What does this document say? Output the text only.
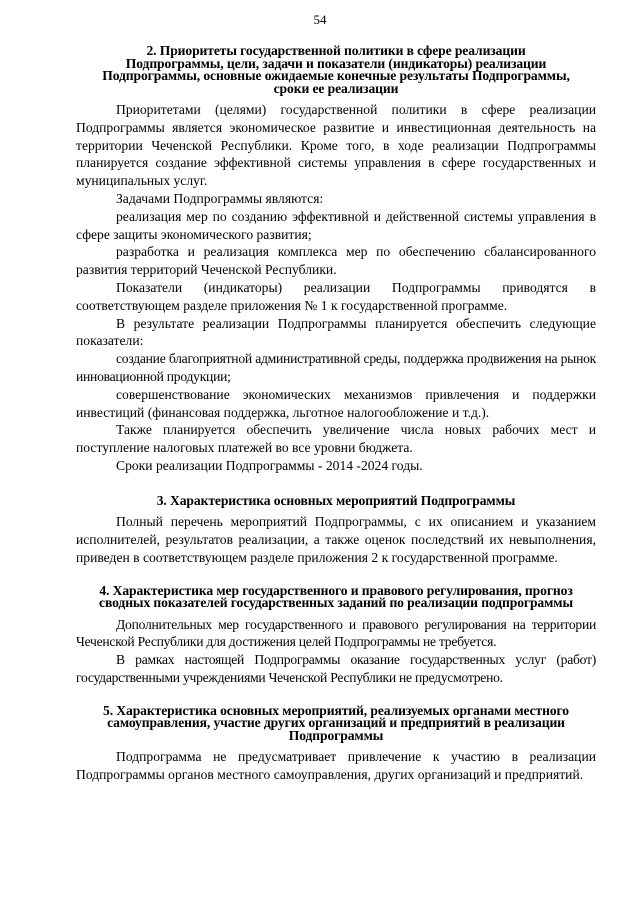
54
2. Приоритеты государственной политики в сфере реализации
Подпрограммы, цели, задачи и показатели (индикаторы) реализации
Подпрограммы, основные ожидаемые конечные результаты Подпрограммы,
сроки ее реализации

Приоритетами (целями) государственной политики в сфере реализации Подпрограммы является экономическое развитие и инвестиционная деятельность на территории Чеченской Республики. Кроме того, в ходе реализации Подпрограммы планируется создание эффективной системы управления в сфере государственных и муниципальных услуг.

Задачами Подпрограммы являются:

реализация мер по созданию эффективной и действенной системы управления в сфере защиты экономического развития;

разработка и реализация комплекса мер по обеспечению сбалансированного развития территорий Чеченской Республики.

Показатели (индикаторы) реализации Подпрограммы приводятся в соответствующем разделе приложения № 1 к государственной программе.

В результате реализации Подпрограммы планируется обеспечить следующие показатели:

создание благоприятной административной среды, поддержка продвижения на рынок инновационной продукции;

совершенствование экономических механизмов привлечения и поддержки инвестиций (финансовая поддержка, льготное налогообложение и т.д.).

Также планируется обеспечить увеличение числа новых рабочих мест и поступление налоговых платежей во все уровни бюджета.

Сроки реализации Подпрограммы - 2014 -2024 годы.

3. Характеристика основных мероприятий Подпрограммы

Полный перечень мероприятий Подпрограммы, с их описанием и указанием исполнителей, результатов реализации, а также оценок последствий их невыполнения, приведен в соответствующем разделе приложения 2 к государственной программе.

4. Характеристика мер государственного и правового регулирования, прогноз
сводных показателей государственных заданий по реализации подпрограммы

Дополнительных мер государственного и правового регулирования на территории Чеченской Республики для достижения целей Подпрограммы не требуется.

В рамках настоящей Подпрограммы оказание государственных услуг (работ) государственными учреждениями Чеченской Республики не предусмотрено.

5. Характеристика основных мероприятий, реализуемых органами местного
самоуправления, участие других организаций и предприятий в реализации
Подпрограммы

Подпрограмма не предусматривает привлечение к участию в реализации Подпрограммы органов местного самоуправления, других организаций и предприятий.
